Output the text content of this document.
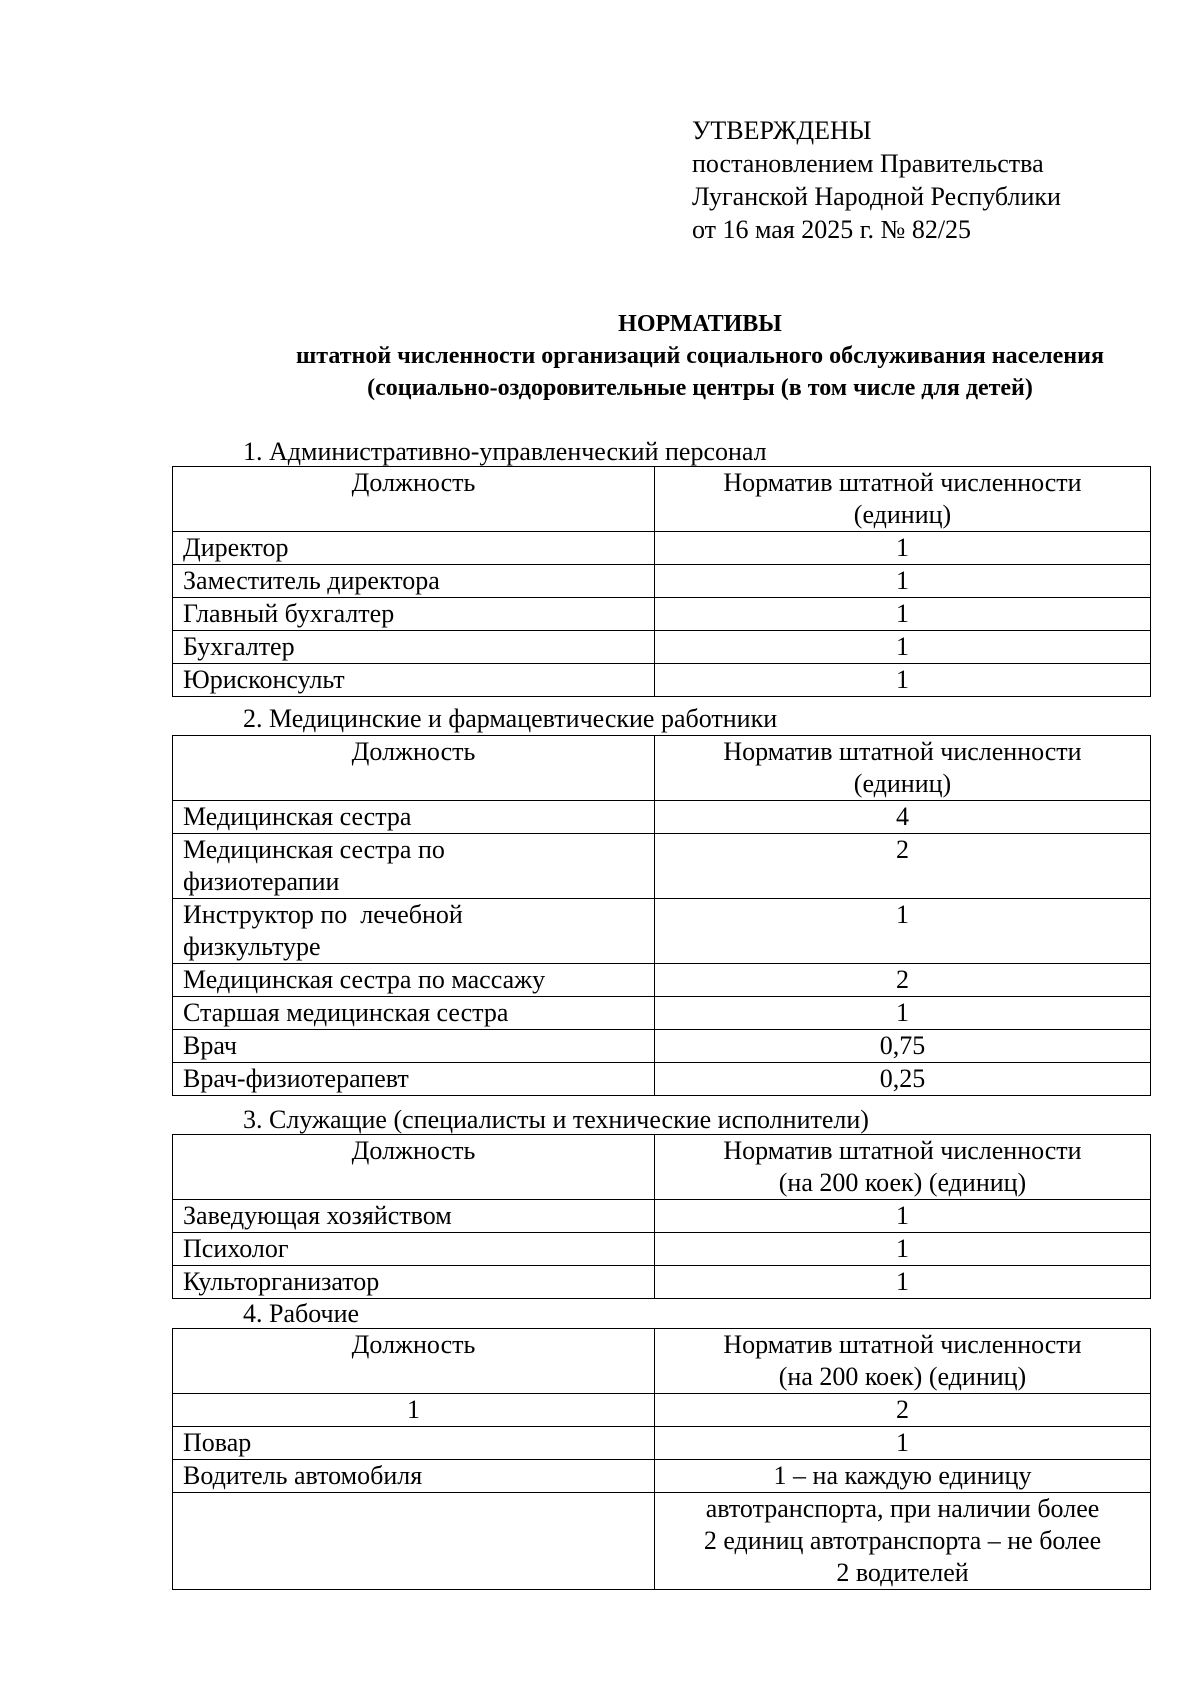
УТВЕРЖДЕНЫ
постановлением Правительства
Луганской Народной Республики
от 16 мая 2025 г. № 82/25
НОРМАТИВЫ
штатной численности организаций социального обслуживания населения
(социально-оздоровительные центры (в том числе для детей)
1. Административно-управленческий персонал
Должность	Норматив штатной численности
(единиц)
Директор	1
Заместитель директора	1
Главный бухгалтер	1
Бухгалтер	1
Юрисконсульт	1
2. Медицинские и фармацевтические работники
Должность	Норматив штатной численности
(единиц)
Медицинская сестра	4
Медицинская сестра по
физиотерапии	2
Инструктор по  лечебной
физкультуре	1
Медицинская сестра по массажу	2
Старшая медицинская сестра	1
Врач	0,75
Врач-физиотерапевт	0,25
3. Служащие (специалисты и технические исполнители)
Должность	Норматив штатной численности
(на 200 коек) (единиц)
Заведующая хозяйством	1
Психолог	1
Культорганизатор	1
4. Рабочие
Должность	Норматив штатной численности
(на 200 коек) (единиц)
1	2
Повар	1
Водитель автомобиля	1 – на каждую единицу
	автотранспорта, при наличии более
2 единиц автотранспорта – не более
2 водителей
